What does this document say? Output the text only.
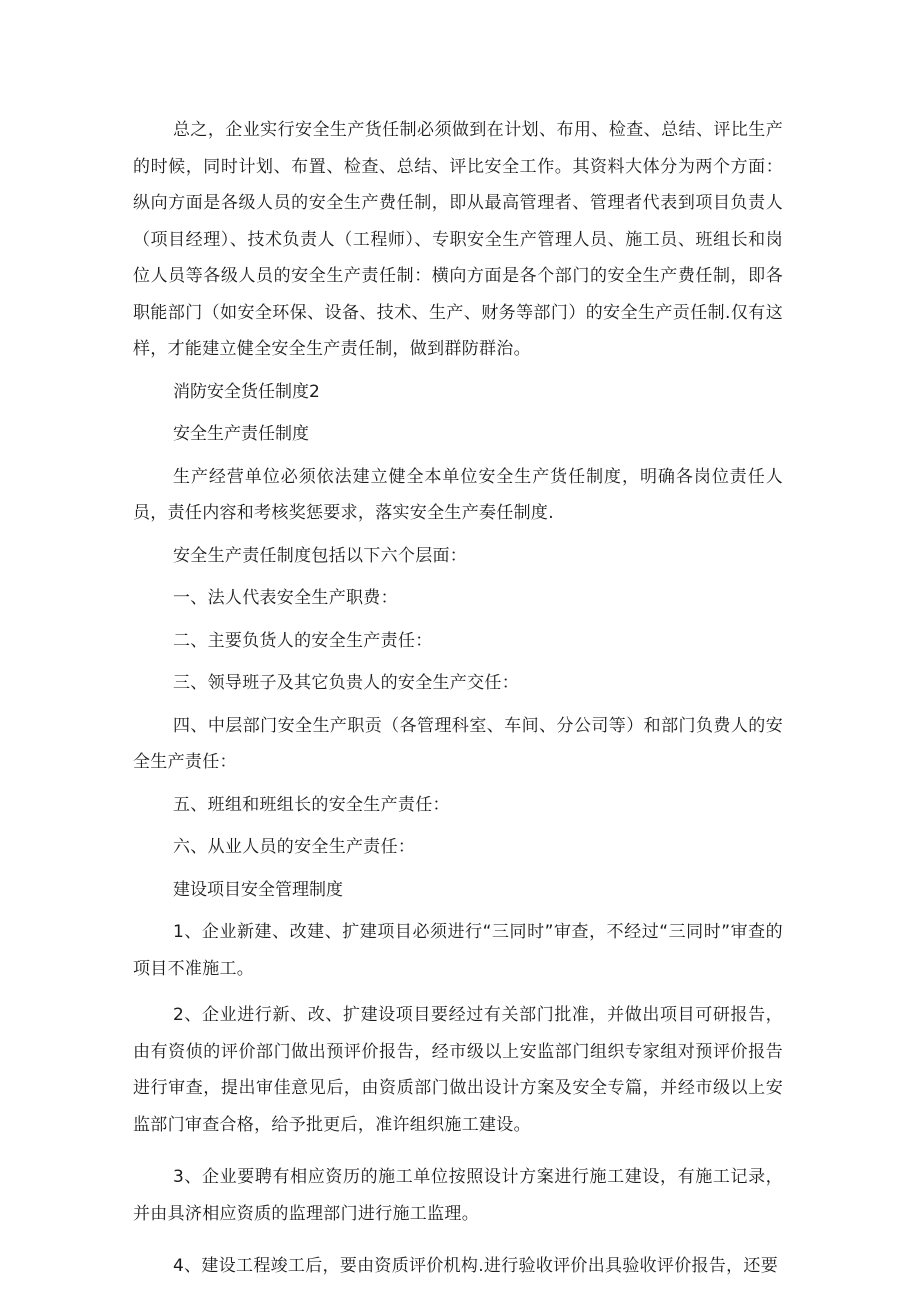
总之，企业实行安全生产货任制必须做到在计划、布用、检查、总结、评比生产的时候，同时计划、布置、检查、总结、评比安全工作。其资料大体分为两个方面：纵向方面是各级人员的安全生产费任制，即从最高管理者、管理者代表到项目负责人（项目经理）、技术负责人（工程师）、专职安全生产管理人员、施工员、班组长和岗位人员等各级人员的安全生产责任制：横向方面是各个部门的安全生产费任制，即各职能部门（如安全环保、设备、技术、生产、财务等部门）的安全生产贡任制.仅有这样，才能建立健全安全生产责任制，做到群防群治。

消防安全货任制度2

安全生产责任制度

生产经营单位必须依法建立健全本单位安全生产货任制度，明确各岗位责任人员，责任内容和考核奖惩要求，落实安全生产奏任制度.

安全生产责任制度包括以下六个层面：

一、法人代表安全生产职费：

二、主要负货人的安全生产责任：

三、领导班子及其它负贵人的安全生产交任：

四、中层部门安全生产职贡（各管理科室、车间、分公司等）和部门负费人的安全生产责任：

五、班组和班组长的安全生产责任：

六、从业人员的安全生产责任：

建设项目安全管理制度

1、企业新建、改建、扩建项目必须进行“三同时”审查，不经过“三同时”审查的项目不准施工。

2、企业进行新、改、扩建设项目要经过有关部门批准，并做出项目可研报告，由有资侦的评价部门做出预评价报告，经市级以上安监部门组织专家组对预评价报告进行审查，提出审佳意见后，由资质部门做出设计方案及安全专篇，并经市级以上安监部门审查合格，给予批更后，准许组织施工建设。

3、企业要聘有相应资历的施工单位按照设计方案进行施工建设，有施工记录，并由具济相应资质的监理部门进行施工监理。

4、建设工程竣工后，要由资质评价机构.进行验收评价出具验收评价报告，还要
